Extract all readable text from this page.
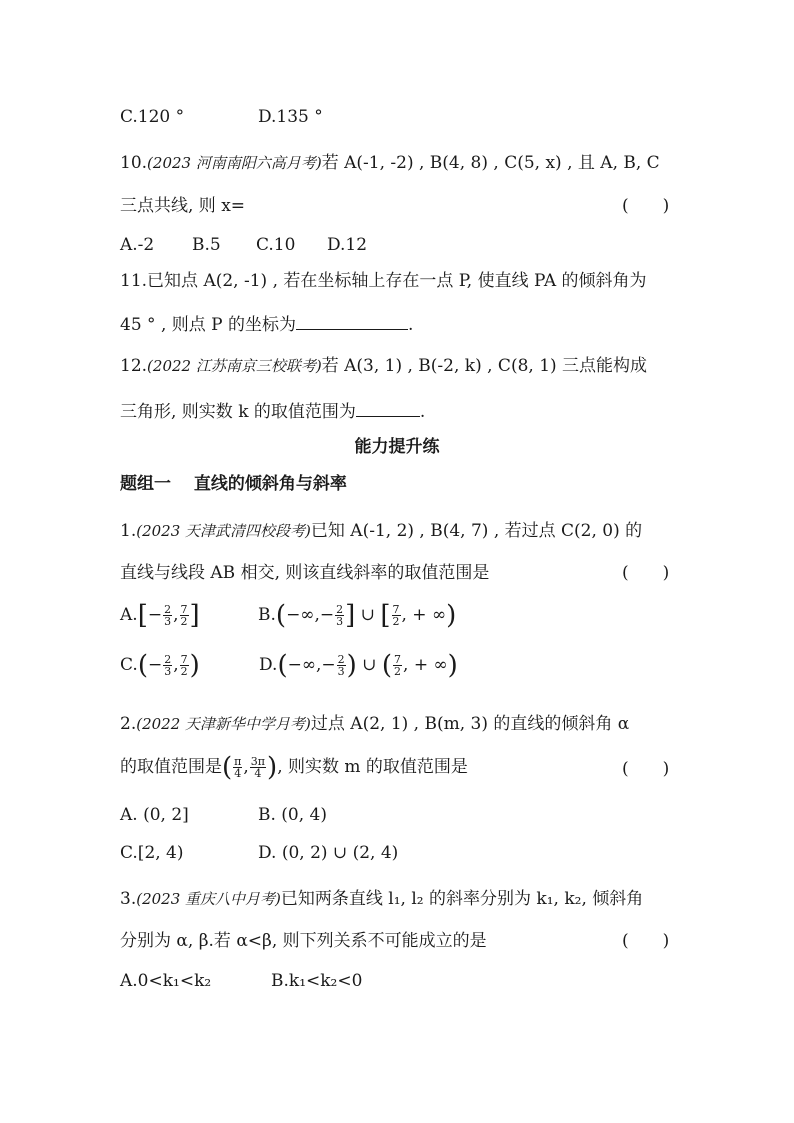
C.120 °	D.135 °
10.(2023 河南南阳六高月考)若 A(-1, -2) , B(4, 8) , C(5, x) , 且 A, B, C
三点共线, 则 x=	(　　)
A.-2 B.5 C.10 D.12
11.已知点 A(2, -1) , 若在坐标轴上存在一点 P, 使直线 PA 的倾斜角为
45 ° , 则点 P 的坐标为	.
12.(2022 江苏南京三校联考)若 A(3, 1) , B(-2, k) , C(8, 1) 三点能构成
三角形, 则实数 k 的取值范围为	.
能力提升练
题组一　 直线的倾斜角与斜率
1.(2023 天津武清四校段考)已知 A(-1, 2) , B(4, 7) , 若过点 C(2, 0) 的
直线与线段 AB 相交, 则该直线斜率的取值范围是	(　　)
$A.[- \frac{2}{3}$ , $\frac{7}{2}$ ]	$B.(-\infty,- \frac{2}{3}$ ] ∪ [ $\frac{7}{2}$ , + ∞)
$C.(- \frac{2}{3}$ , $\frac{7}{2}$ )	$D.(-\infty,- \frac{2}{3}$ ) ∪ ( $\frac{7}{2}$ , + ∞)
2.(2022 天津新华中学月考)过点 A(2, 1) , B(m, 3) 的直线的倾斜角 α
的取值范围是( $\frac{\pi}{4}$ , $\frac{3\pi}{4}$ ), 则实数 m 的取值范围是	(　　)
A. (0, 2]	B. (0, 4)
C.[2, 4)	D. (0, 2) ∪ (2, 4)
3.(2023 重庆八中月考)已知两条直线 l₁, l₂ 的斜率分别为 k₁, k₂, 倾斜角
分别为 α, β.若 α<β, 则下列关系不可能成立的是	(　　)
A.0<k₁<k₂	B.k₁<k₂<0
